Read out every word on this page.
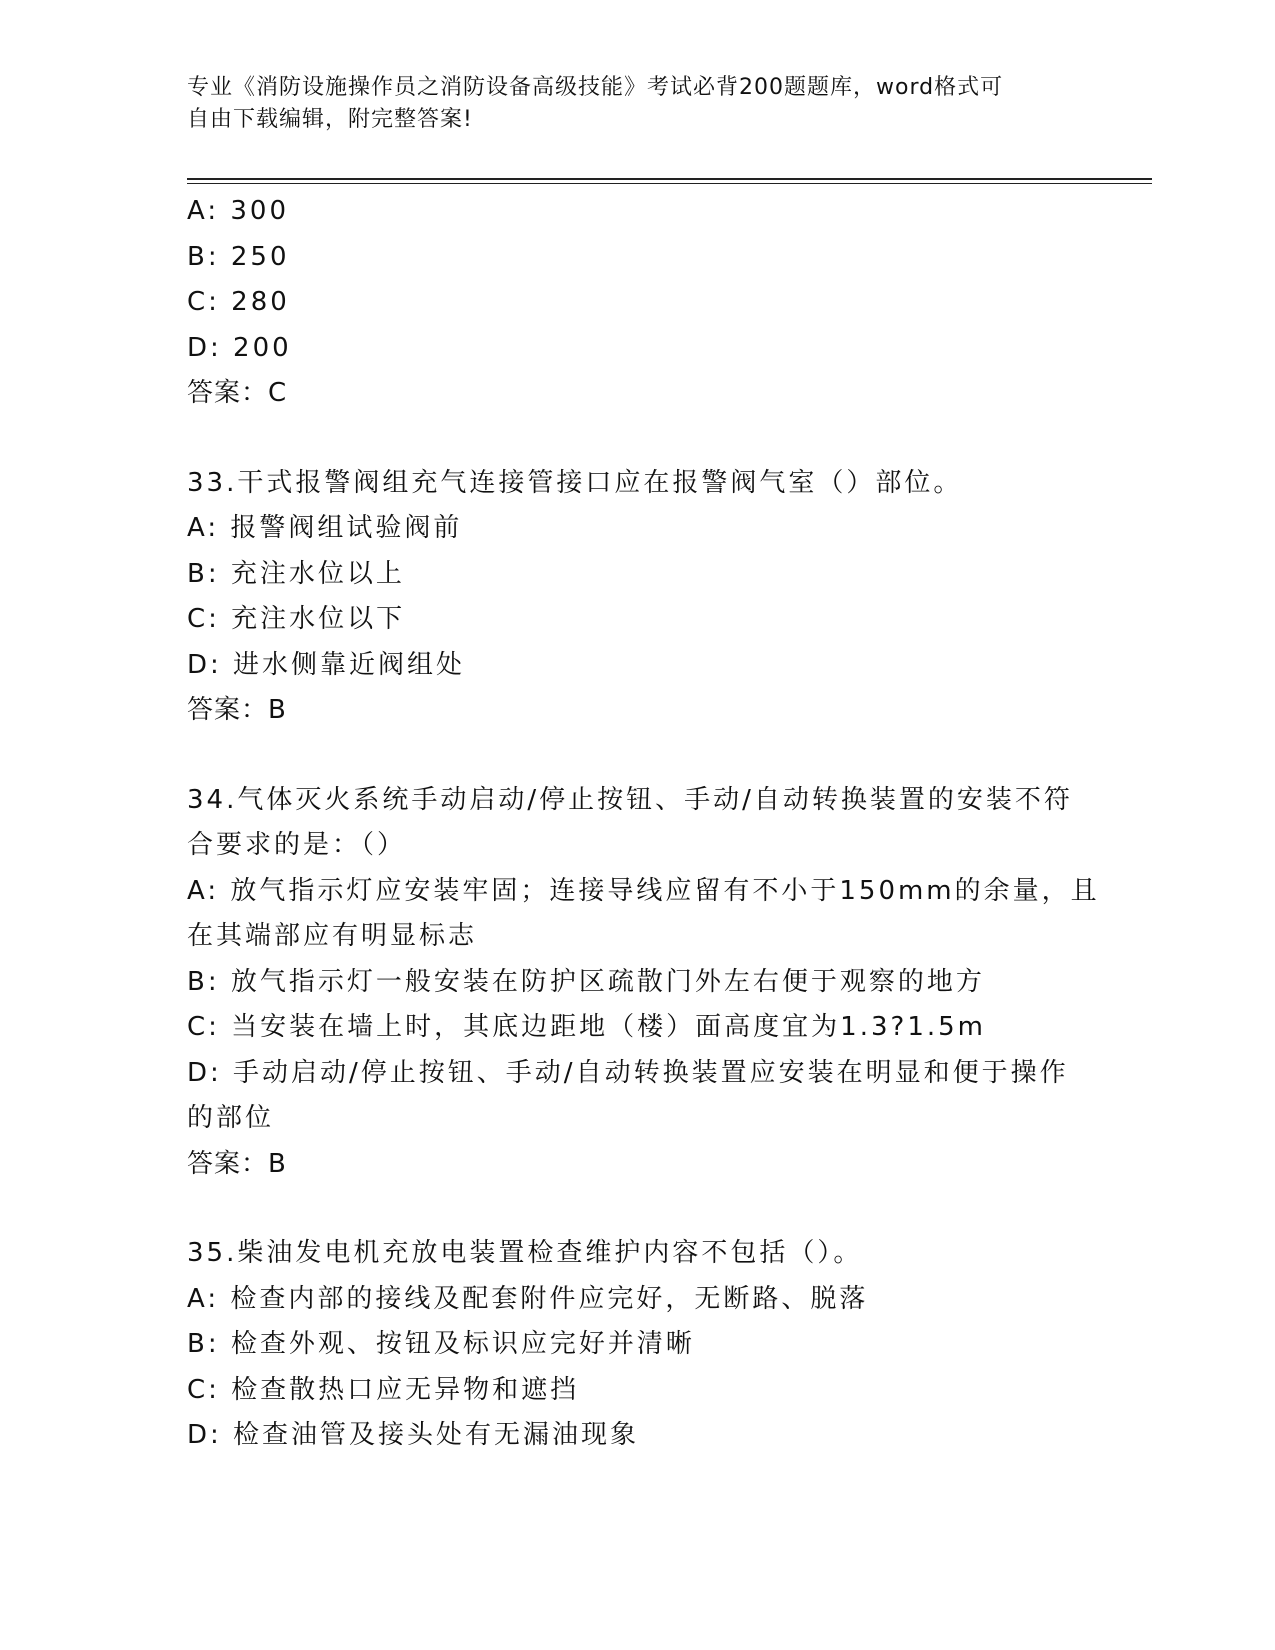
专业《消防设施操作员之消防设备高级技能》考试必背200题题库，word格式可
自由下载编辑，附完整答案!
A: 300
B: 250
C: 280
D: 200
答案：C
33.干式报警阀组充气连接管接口应在报警阀气室（）部位。
A: 报警阀组试验阀前
B: 充注水位以上
C: 充注水位以下
D: 进水侧靠近阀组处
答案：B
34.气体灭火系统手动启动/停止按钮、手动/自动转换装置的安装不符
合要求的是：（）
A: 放气指示灯应安装牢固；连接导线应留有不小于150mm的余量，且
在其端部应有明显标志
B: 放气指示灯一般安装在防护区疏散门外左右便于观察的地方
C: 当安装在墙上时，其底边距地（楼）面高度宜为1.3?1.5m
D: 手动启动/停止按钮、手动/自动转换装置应安装在明显和便于操作
的部位
答案：B
35.柴油发电机充放电装置检查维护内容不包括（）。
A: 检查内部的接线及配套附件应完好，无断路、脱落
B: 检查外观、按钮及标识应完好并清晰
C: 检查散热口应无异物和遮挡
D: 检查油管及接头处有无漏油现象
